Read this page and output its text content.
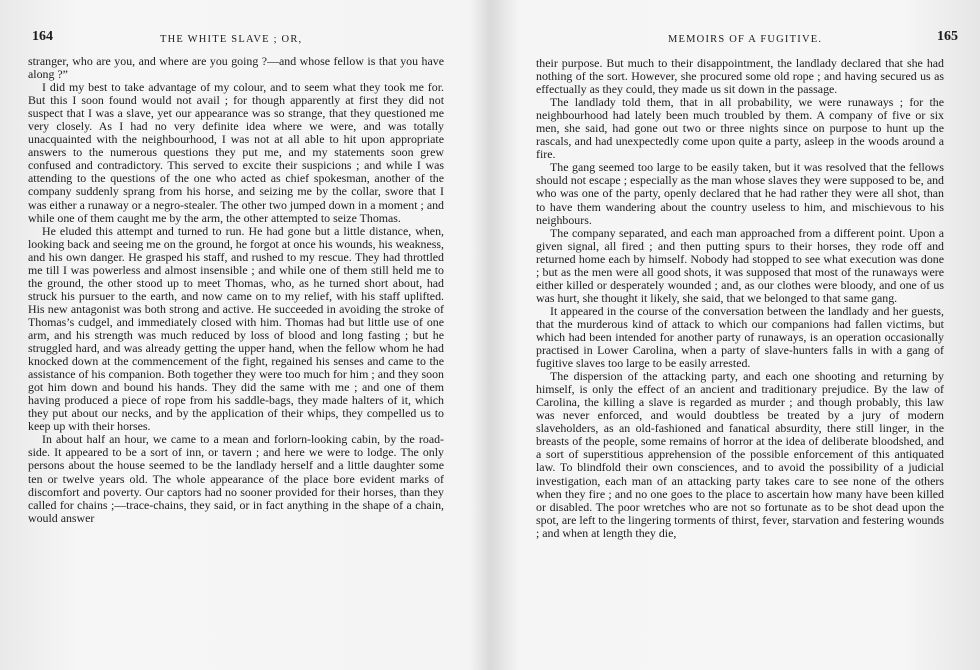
164	THE WHITE SLAVE ; OR,

stranger, who are you, and where are you going ?—and whose fellow is that you have along ?”

I did my best to take advantage of my colour, and to seem what they took me for. But this I soon found would not avail ; for though apparently at first they did not suspect that I was a slave, yet our appearance was so strange, that they questioned me very closely. As I had no very definite idea where we were, and was totally unacquainted with the neighbourhood, I was not at all able to hit upon appropriate answers to the numerous questions they put me, and my statements soon grew confused and contradictory. This served to excite their suspicions ; and while I was attending to the questions of the one who acted as chief spokesman, another of the company suddenly sprang from his horse, and seizing me by the collar, swore that I was either a runaway or a negro-stealer. The other two jumped down in a moment ; and while one of them caught me by the arm, the other attempted to seize Thomas.

He eluded this attempt and turned to run. He had gone but a little distance, when, looking back and seeing me on the ground, he forgot at once his wounds, his weakness, and his own danger. He grasped his staff, and rushed to my rescue. They had throttled me till I was powerless and almost insensible ; and while one of them still held me to the ground, the other stood up to meet Thomas, who, as he turned short about, had struck his pursuer to the earth, and now came on to my relief, with his staff uplifted. His new antagonist was both strong and active. He succeeded in avoiding the stroke of Thomas’s cudgel, and immediately closed with him. Thomas had but little use of one arm, and his strength was much reduced by loss of blood and long fasting ; but he struggled hard, and was already getting the upper hand, when the fellow whom he had knocked down at the commencement of the fight, regained his senses and came to the assistance of his companion. Both together they were too much for him ; and they soon got him down and bound his hands. They did the same with me ; and one of them having produced a piece of rope from his saddle-bags, they made halters of it, which they put about our necks, and by the application of their whips, they compelled us to keep up with their horses.

In about half an hour, we came to a mean and forlorn-looking cabin, by the road-side. It appeared to be a sort of inn, or tavern ; and here we were to lodge. The only persons about the house seemed to be the landlady herself and a little daughter some ten or twelve years old. The whole appearance of the place bore evident marks of discomfort and poverty. Our captors had no sooner provided for their horses, than they called for chains ;—trace-chains, they said, or in fact anything in the shape of a chain, would answer

MEMOIRS OF A FUGITIVE.	165

their purpose. But much to their disappointment, the landlady declared that she had nothing of the sort. However, she procured some old rope ; and having secured us as effectually as they could, they made us sit down in the passage.

The landlady told them, that in all probability, we were runaways ; for the neighbourhood had lately been much troubled by them. A company of five or six men, she said, had gone out two or three nights since on purpose to hunt up the rascals, and had unexpectedly come upon quite a party, asleep in the woods around a fire.

The gang seemed too large to be easily taken, but it was resolved that the fellows should not escape ; especially as the man whose slaves they were supposed to be, and who was one of the party, openly declared that he had rather they were all shot, than to have them wandering about the country useless to him, and mischievous to his neighbours.

The company separated, and each man approached from a different point. Upon a given signal, all fired ; and then putting spurs to their horses, they rode off and returned home each by himself. Nobody had stopped to see what execution was done ; but as the men were all good shots, it was supposed that most of the runaways were either killed or desperately wounded ; and, as our clothes were bloody, and one of us was hurt, she thought it likely, she said, that we belonged to that same gang.

It appeared in the course of the conversation between the landlady and her guests, that the murderous kind of attack to which our companions had fallen victims, but which had been intended for another party of runaways, is an operation occasionally practised in Lower Carolina, when a party of slave-hunters falls in with a gang of fugitive slaves too large to be easily arrested.

The dispersion of the attacking party, and each one shooting and returning by himself, is only the effect of an ancient and traditionary prejudice. By the law of Carolina, the killing a slave is regarded as murder ; and though probably, this law was never enforced, and would doubtless be treated by a jury of modern slaveholders, as an old-fashioned and fanatical absurdity, there still linger, in the breasts of the people, some remains of horror at the idea of deliberate bloodshed, and a sort of superstitious apprehension of the possible enforcement of this antiquated law. To blindfold their own consciences, and to avoid the possibility of a judicial investigation, each man of an attacking party takes care to see none of the others when they fire ; and no one goes to the place to ascertain how many have been killed or disabled. The poor wretches who are not so fortunate as to be shot dead upon the spot, are left to the lingering torments of thirst, fever, starvation and festering wounds ; and when at length they die,
